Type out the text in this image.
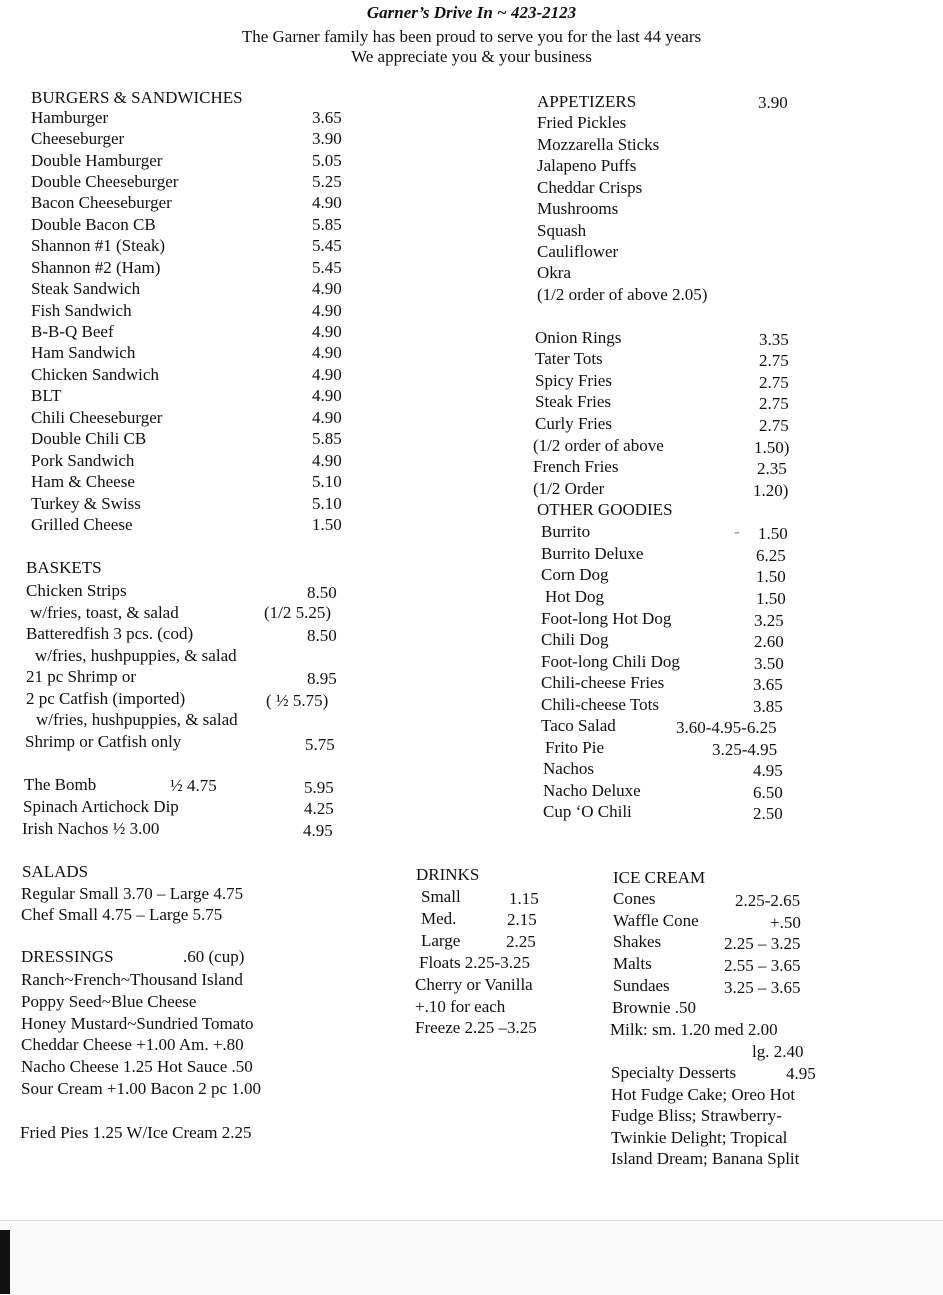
Garner’s Drive In ~ 423-2123
The Garner family has been proud to serve you for the last 44 years
We appreciate you & your business
BURGERS & SANDWICHES
Hamburger	3.65
Cheeseburger	3.90
Double Hamburger	5.05
Double Cheeseburger	5.25
Bacon Cheeseburger	4.90
Double Bacon CB	5.85
Shannon #1 (Steak)	5.45
Shannon #2 (Ham)	5.45
Steak Sandwich	4.90
Fish Sandwich	4.90
B-B-Q Beef	4.90
Ham Sandwich	4.90
Chicken Sandwich	4.90
BLT	4.90
Chili Cheeseburger	4.90
Double Chili CB	5.85
Pork Sandwich	4.90
Ham & Cheese	5.10
Turkey & Swiss	5.10
Grilled Cheese	1.50
BASKETS
Chicken Strips	8.50
w/fries, toast, & salad	(1/2 5.25)
Batteredfish 3 pcs. (cod)	8.50
w/fries, hushpuppies, & salad
21 pc Shrimp or	8.95
2 pc Catfish (imported)	( ½ 5.75)
w/fries, hushpuppies, & salad
Shrimp or Catfish only	5.75
The Bomb	½ 4.75	5.95
Spinach Artichock Dip	4.25
Irish Nachos ½ 3.00	4.95
SALADS
Regular Small 3.70 – Large 4.75
Chef Small 4.75 – Large 5.75
DRESSINGS	.60 (cup)
Ranch~French~Thousand Island
Poppy Seed~Blue Cheese
Honey Mustard~Sundried Tomato
Cheddar Cheese +1.00 Am. +.80
Nacho Cheese 1.25 Hot Sauce .50
Sour Cream +1.00 Bacon 2 pc 1.00
Fried Pies 1.25 W/Ice Cream 2.25
APPETIZERS	3.90
Fried Pickles
Mozzarella Sticks
Jalapeno Puffs
Cheddar Crisps
Mushrooms
Squash
Cauliflower
Okra
(1/2 order of above 2.05)
Onion Rings	3.35
Tater Tots	2.75
Spicy Fries	2.75
Steak Fries	2.75
Curly Fries	2.75
(1/2 order of above	1.50)
French Fries	2.35
(1/2 Order	1.20)
OTHER GOODIES
Burrito	- 1.50
Burrito Deluxe	6.25
Corn Dog	1.50
Hot Dog	1.50
Foot-long Hot Dog	3.25
Chili Dog	2.60
Foot-long Chili Dog	3.50
Chili-cheese Fries	3.65
Chili-cheese Tots	3.85
Taco Salad	3.60-4.95-6.25
Frito Pie	3.25-4.95
Nachos	4.95
Nacho Deluxe	6.50
Cup ‘O Chili	2.50
DRINKS
Small	1.15
Med.	2.15
Large	2.25
Floats 2.25-3.25
Cherry or Vanilla
+.10 for each
Freeze 2.25 –3.25
ICE CREAM
Cones	2.25-2.65
Waffle Cone	+.50
Shakes	2.25 – 3.25
Malts	2.55 – 3.65
Sundaes	3.25 – 3.65
Brownie .50
Milk: sm. 1.20 med 2.00
lg. 2.40
Specialty Desserts	4.95
Hot Fudge Cake; Oreo Hot
Fudge Bliss; Strawberry-
Twinkie Delight; Tropical
Island Dream; Banana Split
